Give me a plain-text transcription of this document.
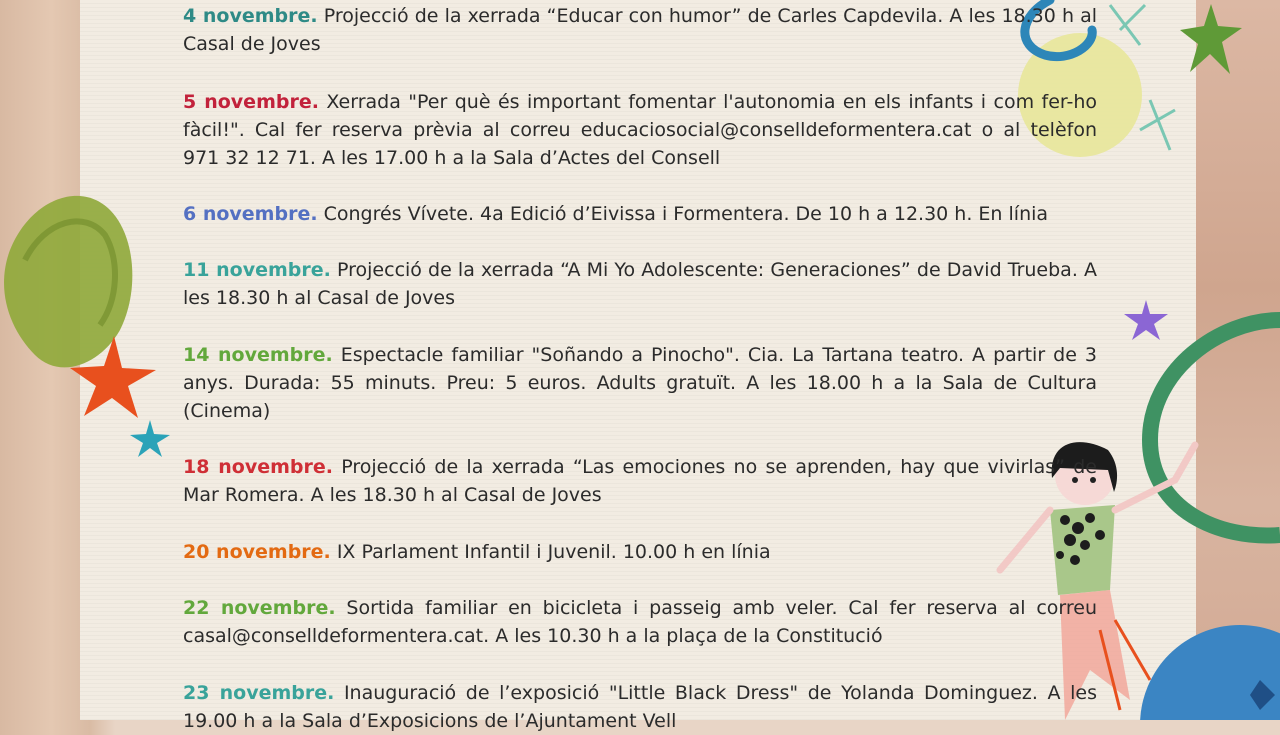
4 novembre. Projecció de la xerrada “Educar con humor” de Carles Capdevila. A les 18.30 h al Casal de Joves
5 novembre. Xerrada "Per què és important fomentar l'autonomia en els infants i com fer-ho fàcil!". Cal fer reserva prèvia al correu educaciosocial@conselldeformentera.cat o al telèfon 971 32 12 71. A les 17.00 h a la Sala d’Actes del Consell
6 novembre. Congrés Vívete. 4a Edició d’Eivissa i Formentera. De 10 h a 12.30 h. En línia
11 novembre. Projecció de la xerrada “A Mi Yo Adolescente: Generaciones” de David Trueba. A les 18.30 h al Casal de Joves
14 novembre. Espectacle familiar "Soñando a Pinocho". Cia. La Tartana teatro. A partir de 3 anys. Durada: 55 minuts. Preu: 5 euros. Adults gratuït. A les 18.00 h a la Sala de Cultura (Cinema)
18 novembre. Projecció de la xerrada “Las emociones no se aprenden, hay que vivirlas” de Mar Romera. A les 18.30 h al Casal de Joves
20 novembre. IX Parlament Infantil i Juvenil. 10.00 h en línia
22 novembre. Sortida familiar en bicicleta i passeig amb veler. Cal fer reserva al correu casal@conselldeformentera.cat. A les 10.30 h a la plaça de la Constitució
23 novembre. Inauguració de l’exposició "Little Black Dress" de Yolanda Dominguez. A les 19.00 h a la Sala d’Exposicions de l’Ajuntament Vell
